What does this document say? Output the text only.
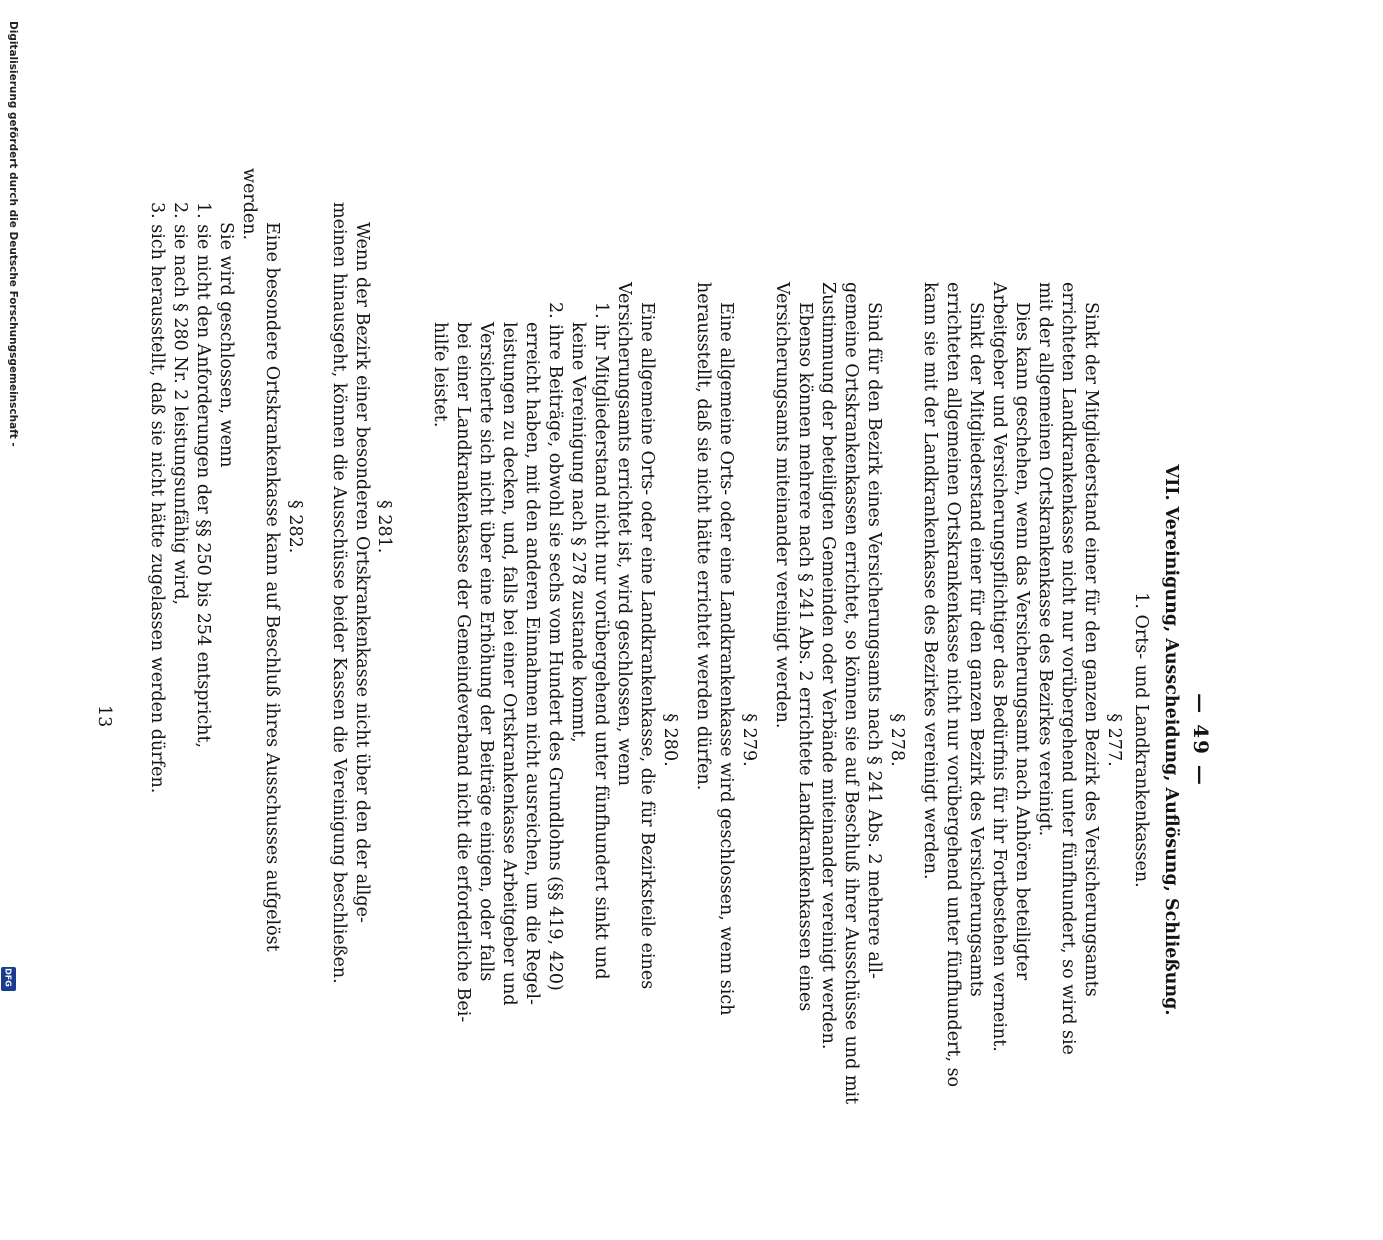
Digitalisierung gefördert durch die Deutsche Forschungsgemeinschaft -
DFG
— 49 —
VII. Vereinigung, Ausscheidung, Auflösung, Schließung.
1. Orts- und Landkrankenkassen.
§ 277.
Sinkt der Mitgliederstand einer für den ganzen Bezirk des Versicherungsamts
errichteten Landkrankenkasse nicht nur vorübergehend unter fünfhundert, so wird sie
mit der allgemeinen Ortskrankenkasse des Bezirkes vereinigt.
Dies kann geschehen, wenn das Versicherungsamt nach Anhören beteiligter
Arbeitgeber und Versicherungspflichtiger das Bedürfnis für ihr Fortbestehen verneint.
Sinkt der Mitgliederstand einer für den ganzen Bezirk des Versicherungsamts
errichteten allgemeinen Ortskrankenkasse nicht nur vorübergehend unter fünfhundert, so
kann sie mit der Landkrankenkasse des Bezirkes vereinigt werden.
§ 278.
Sind für den Bezirk eines Versicherungsamts nach § 241 Abs. 2 mehrere all-
gemeine Ortskrankenkassen errichtet, so können sie auf Beschluß ihrer Ausschüsse und mit
Zustimmung der beteiligten Gemeinden oder Verbände miteinander vereinigt werden.
Ebenso können mehrere nach § 241 Abs. 2 errichtete Landkrankenkassen eines
Versicherungsamts miteinander vereinigt werden.
§ 279.
Eine allgemeine Orts- oder eine Landkrankenkasse wird geschlossen, wenn sich
herausstellt, daß sie nicht hätte errichtet werden dürfen.
§ 280.
Eine allgemeine Orts- oder eine Landkrankenkasse, die für Bezirksteile eines
Versicherungsamts errichtet ist, wird geschlossen, wenn
1. ihr Mitgliederstand nicht nur vorübergehend unter fünfhundert sinkt und
keine Vereinigung nach § 278 zustande kommt,
2. ihre Beiträge, obwohl sie sechs vom Hundert des Grundlohns (§§ 419, 420)
erreicht haben, mit den anderen Einnahmen nicht ausreichen, um die Regel-
leistungen zu decken, und, falls bei einer Ortskrankenkasse Arbeitgeber und
Versicherte sich nicht über eine Erhöhung der Beiträge einigen, oder falls
bei einer Landkrankenkasse der Gemeindeverband nicht die erforderliche Bei-
hilfe leistet.
§ 281.
Wenn der Bezirk einer besonderen Ortskrankenkasse nicht über den der allge-
meinen hinausgeht, können die Ausschüsse beider Kassen die Vereinigung beschließen.
§ 282.
Eine besondere Ortskrankenkasse kann auf Beschluß ihres Ausschusses aufgelöst
werden.
Sie wird geschlossen, wenn
1. sie nicht den Anforderungen der §§ 250 bis 254 entspricht,
2. sie nach § 280 Nr. 2 leistungsunfähig wird,
3. sich herausstellt, daß sie nicht hätte zugelassen werden dürfen.
13
